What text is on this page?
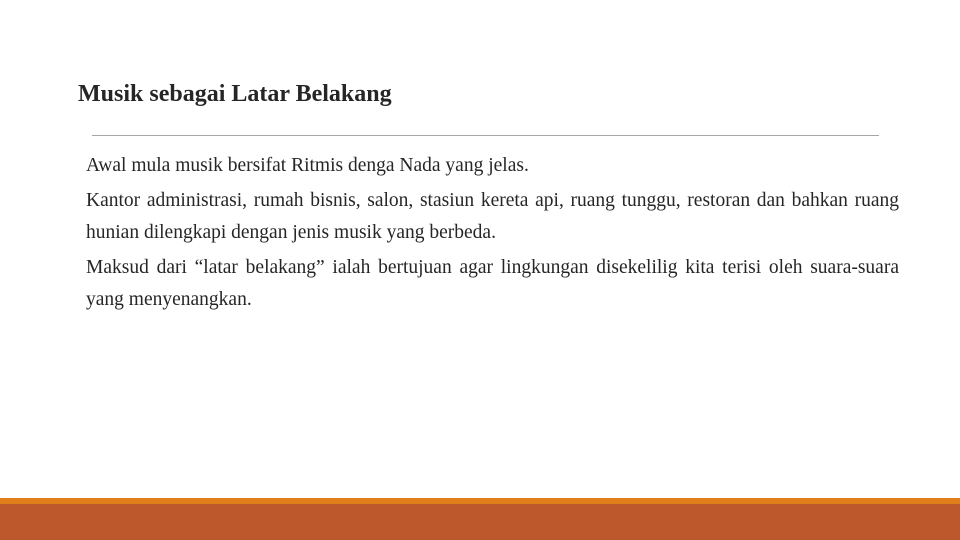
Musik sebagai Latar Belakang

Awal mula musik bersifat Ritmis denga Nada yang jelas.

Kantor administrasi, rumah bisnis, salon, stasiun kereta api, ruang tunggu, restoran dan bahkan ruang hunian dilengkapi dengan jenis musik yang berbeda.

Maksud dari “latar belakang” ialah bertujuan agar lingkungan disekelilig kita terisi oleh suara-suara yang menyenangkan.
